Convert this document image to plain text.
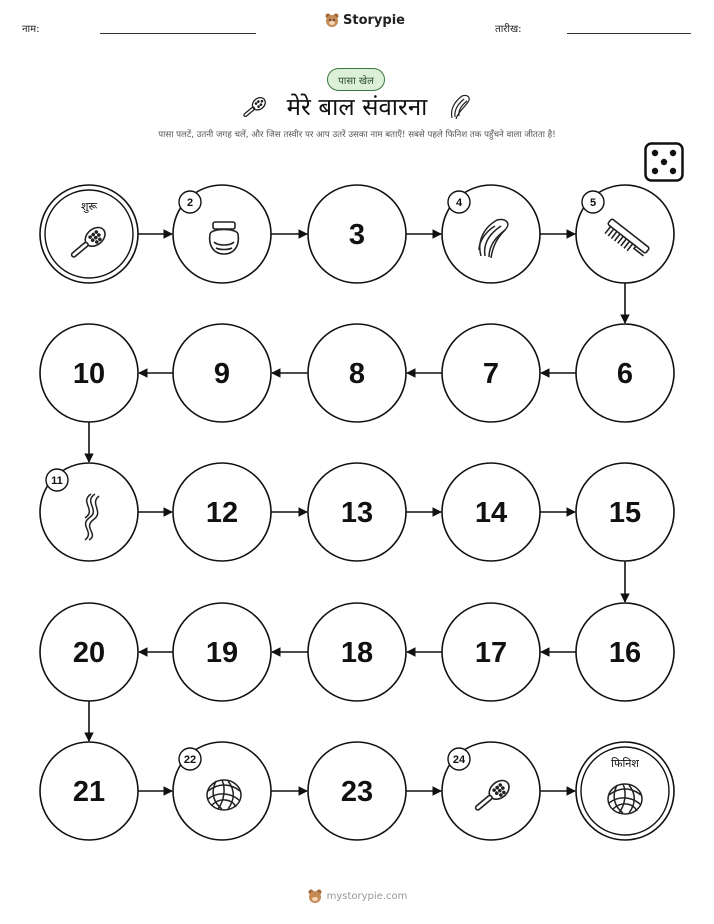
नाम:
Storypie
तारीख:
पासा खेल
मेरे बाल संवारना
पासा पलटें, उतनी जगह चलें, और जिस तस्वीर पर आप उतरें उसका नाम बताएँ! सबसे पहले फिनिश तक पहुँचने वाला जीतता है!
शुरू	2
3
4	5
6
7
8
9
10
11
12	13	14	15
16
17
18
19
20
21
22
23
24	फिनिश
mystorypie.com
